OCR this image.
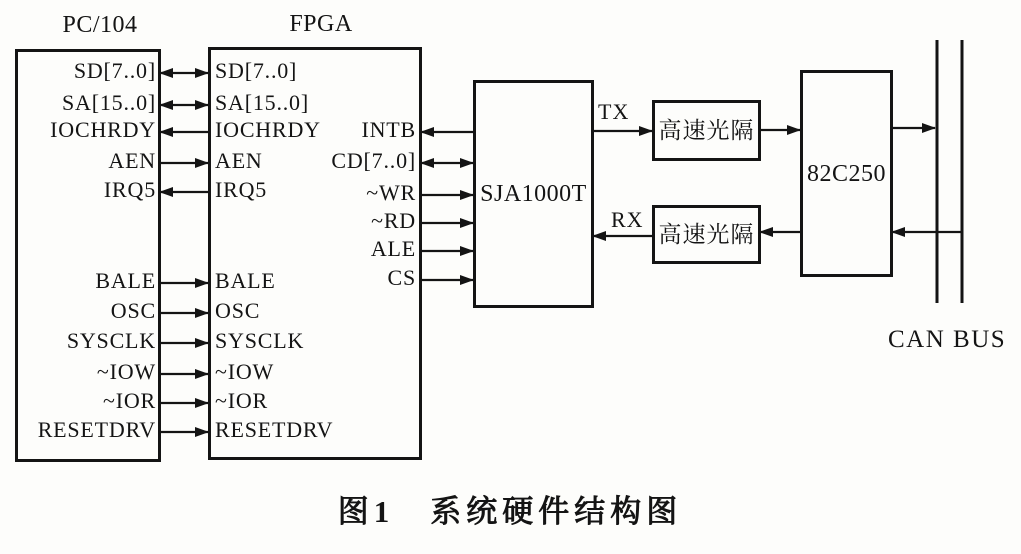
PC/104	FPGA
SJA1000T
高速光隔
高速光隔
82C250
SD[7..0]
SA[15..0]
IOCHRDY
AEN
IRQ5
BALE
OSC
SYSCLK
~IOW
~IOR
RESETDRV
SD[7..0]
SA[15..0]
IOCHRDY
AEN
IRQ5
BALE
OSC
SYSCLK
~IOW
~IOR
RESETDRV
INTB
CD[7..0]
~WR
~RD
ALE
CS
TX
RX
CAN BUS
图1　系统硬件结构图
